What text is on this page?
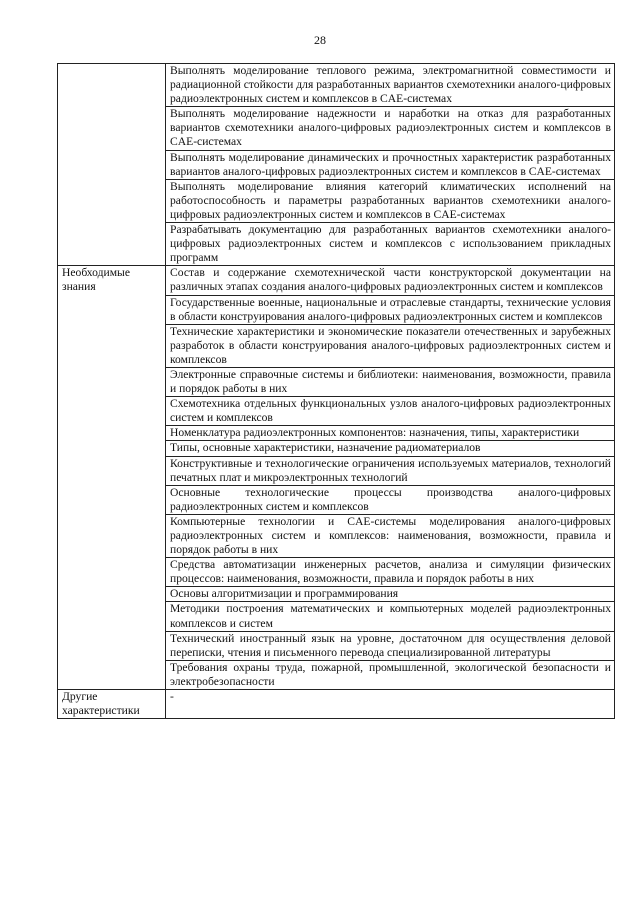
28

	Выполнять моделирование теплового режима, электромагнитной совместимости и радиационной стойкости для разработанных вариантов схемотехники аналого-цифровых радиоэлектронных систем и комплексов в CAE-системах

	Выполнять моделирование надежности и наработки на отказ для разработанных вариантов схемотехники аналого-цифровых радиоэлектронных систем и комплексов в CAE-системах

	Выполнять моделирование динамических и прочностных характеристик разработанных вариантов аналого-цифровых радиоэлектронных систем и комплексов в CAE-системах

	Выполнять моделирование влияния категорий климатических исполнений на работоспособность и параметры разработанных вариантов схемотехники аналого-цифровых радиоэлектронных систем и комплексов в CAE-системах

	Разрабатывать документацию для разработанных вариантов схемотехники аналого-цифровых радиоэлектронных систем и комплексов с использованием прикладных программ

Необходимые знания	Состав и содержание схемотехнической части конструкторской документации на различных этапах создания аналого-цифровых радиоэлектронных систем и комплексов

	Государственные военные, национальные и отраслевые стандарты, технические условия в области конструирования аналого-цифровых радиоэлектронных систем и комплексов

	Технические характеристики и экономические показатели отечественных и зарубежных разработок в области конструирования аналого-цифровых радиоэлектронных систем и комплексов

	Электронные справочные системы и библиотеки: наименования, возможности, правила и порядок работы в них

	Схемотехника отдельных функциональных узлов аналого-цифровых радиоэлектронных систем и комплексов

	Номенклатура радиоэлектронных компонентов: назначения, типы, характеристики

	Типы, основные характеристики, назначение радиоматериалов

	Конструктивные и технологические ограничения используемых материалов, технологий печатных плат и микроэлектронных технологий

	Основные технологические процессы производства аналого-цифровых радиоэлектронных систем и комплексов

	Компьютерные технологии и CAE-системы моделирования аналого-цифровых радиоэлектронных систем и комплексов: наименования, возможности, правила и порядок работы в них

	Средства автоматизации инженерных расчетов, анализа и симуляции физических процессов: наименования, возможности, правила и порядок работы в них

	Основы алгоритмизации и программирования

	Методики построения математических и компьютерных моделей радиоэлектронных комплексов и систем

	Технический иностранный язык на уровне, достаточном для осуществления деловой переписки, чтения и письменного перевода специализированной литературы

	Требования охраны труда, пожарной, промышленной, экологической безопасности и электробезопасности

Другие характеристики	-
